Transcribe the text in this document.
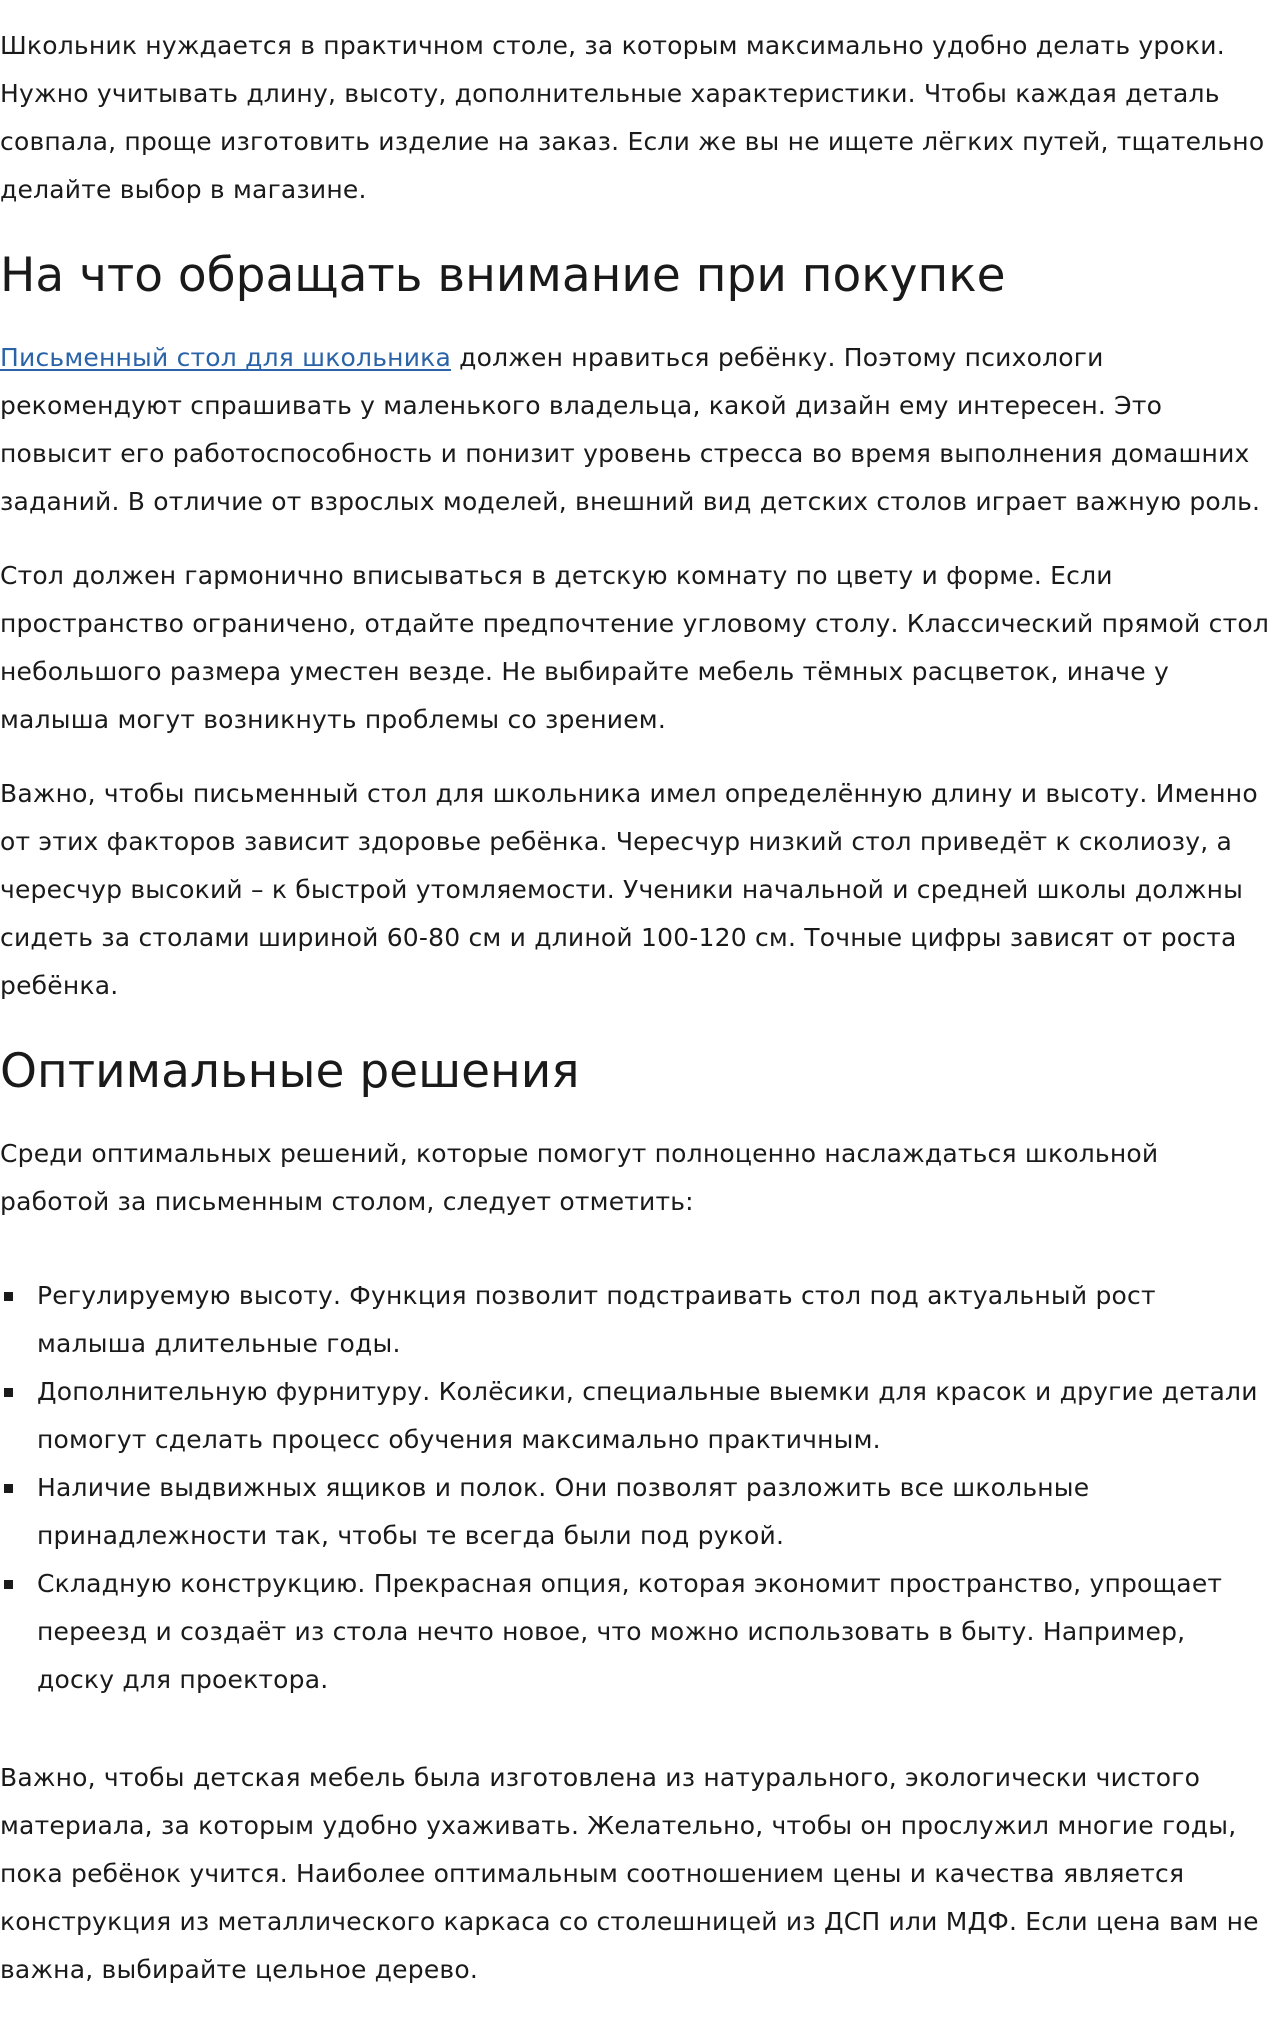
Школьник нуждается в практичном столе, за которым максимально удобно делать уроки. Нужно учитывать длину, высоту, дополнительные характеристики. Чтобы каждая деталь совпала, проще изготовить изделие на заказ. Если же вы не ищете лёгких путей, тщательно делайте выбор в магазине.

На что обращать внимание при покупке

Письменный стол для школьника должен нравиться ребёнку. Поэтому психологи рекомендуют спрашивать у маленького владельца, какой дизайн ему интересен. Это повысит его работоспособность и понизит уровень стресса во время выполнения домашних заданий. В отличие от взрослых моделей, внешний вид детских столов играет важную роль.

Стол должен гармонично вписываться в детскую комнату по цвету и форме. Если пространство ограничено, отдайте предпочтение угловому столу. Классический прямой стол небольшого размера уместен везде. Не выбирайте мебель тёмных расцветок, иначе у малыша могут возникнуть проблемы со зрением.

Важно, чтобы письменный стол для школьника имел определённую длину и высоту. Именно от этих факторов зависит здоровье ребёнка. Чересчур низкий стол приведёт к сколиозу, а чересчур высокий – к быстрой утомляемости. Ученики начальной и средней школы должны сидеть за столами шириной 60-80 см и длиной 100-120 см. Точные цифры зависят от роста ребёнка.

Оптимальные решения

Среди оптимальных решений, которые помогут полноценно наслаждаться школьной работой за письменным столом, следует отметить:

Регулируемую высоту. Функция позволит подстраивать стол под актуальный рост малыша длительные годы.
Дополнительную фурнитуру. Колёсики, специальные выемки для красок и другие детали помогут сделать процесс обучения максимально практичным.
Наличие выдвижных ящиков и полок. Они позволят разложить все школьные принадлежности так, чтобы те всегда были под рукой.
Складную конструкцию. Прекрасная опция, которая экономит пространство, упрощает переезд и создаёт из стола нечто новое, что можно использовать в быту. Например, доску для проектора.

Важно, чтобы детская мебель была изготовлена из натурального, экологически чистого материала, за которым удобно ухаживать. Желательно, чтобы он прослужил многие годы, пока ребёнок учится. Наиболее оптимальным соотношением цены и качества является конструкция из металлического каркаса со столешницей из ДСП или МДФ. Если цена вам не важна, выбирайте цельное дерево.
